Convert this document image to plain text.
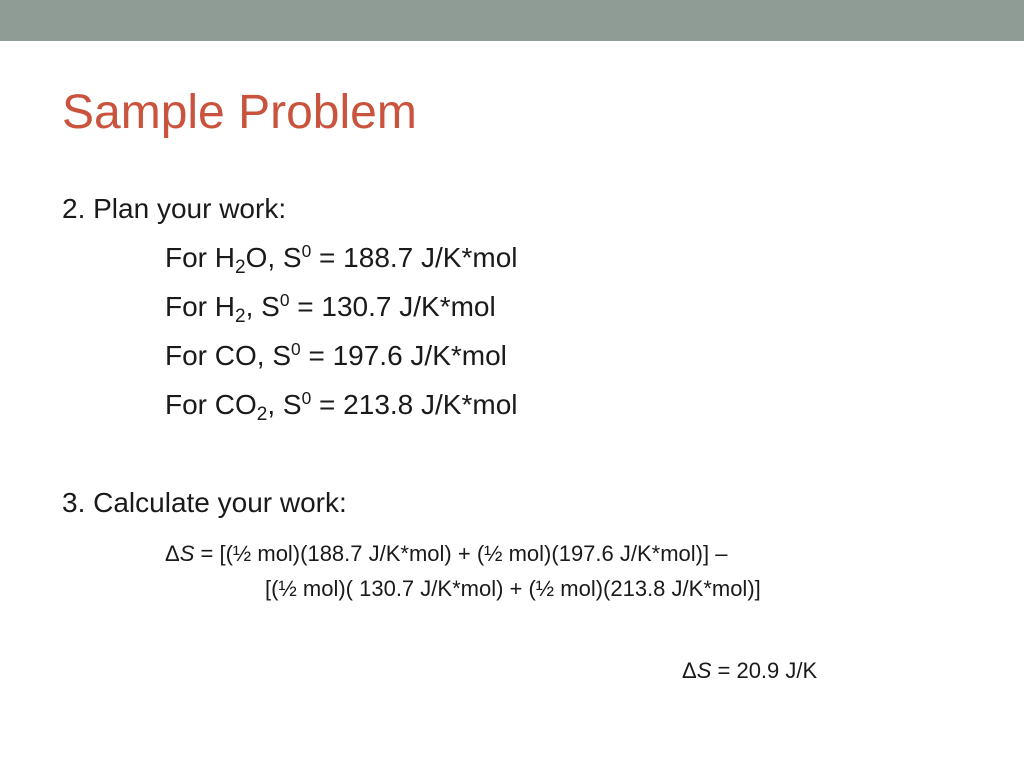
Sample Problem
2. Plan your work:
For $H_2O$, $S^0 = 188.7$ J/K*mol
For $H_2$, $S^0 = 130.7$ J/K*mol
For CO, $S^0 = 197.6$ J/K*mol
For $CO_2$, $S^0 = 213.8$ J/K*mol
3. Calculate your work:
ΔS = [(½ mol)(188.7 J/K*mol) + (½ mol)(197.6 J/K*mol)] –
[(½ mol)( 130.7 J/K*mol) + (½ mol)(213.8 J/K*mol)]
ΔS = 20.9 J/K
